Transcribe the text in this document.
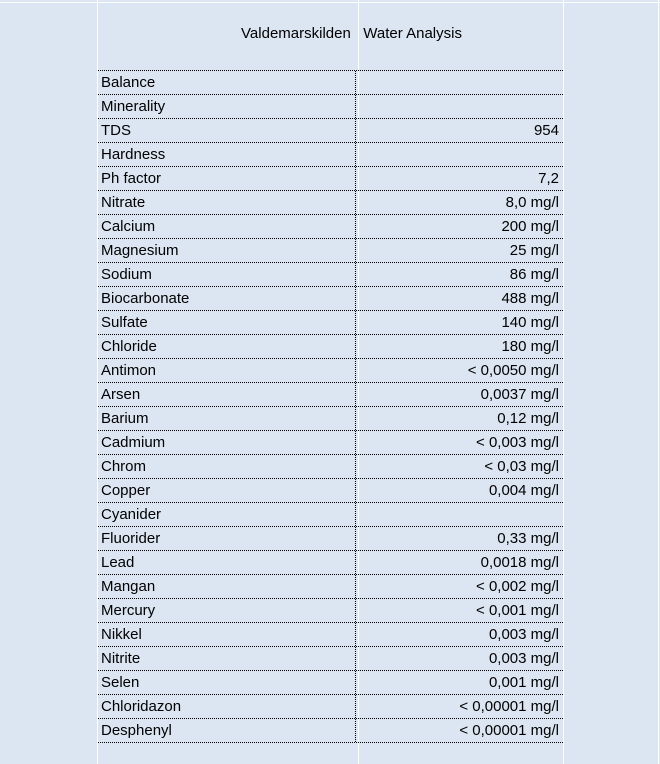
Valdemarskilden   Water Analysis
Balance
Minerality
TDS	954
Hardness
Ph factor	7,2
Nitrate	8,0 mg/l
Calcium	200 mg/l
Magnesium	25 mg/l
Sodium	86 mg/l
Biocarbonate	488 mg/l
Sulfate	140 mg/l
Chloride	180 mg/l
Antimon	< 0,0050 mg/l
Arsen	0,0037 mg/l
Barium	0,12 mg/l
Cadmium	< 0,003 mg/l
Chrom	< 0,03 mg/l
Copper	0,004 mg/l
Cyanider
Fluorider	0,33 mg/l
Lead	0,0018 mg/l
Mangan	< 0,002 mg/l
Mercury	< 0,001 mg/l
Nikkel	0,003 mg/l
Nitrite	0,003 mg/l
Selen	0,001 mg/l
Chloridazon	< 0,00001 mg/l
Desphenyl	< 0,00001 mg/l
